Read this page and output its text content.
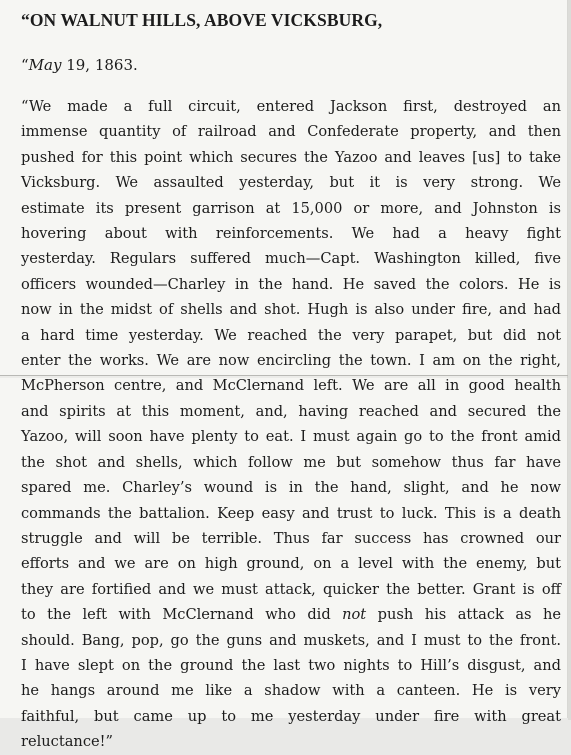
“ON WALNUT HILLS, ABOVE VICKSBURG,
“May 19, 1863.
“We made a full circuit, entered Jackson first, destroyed an
immense quantity of railroad and Confederate property, and then
pushed for this point which secures the Yazoo and leaves [us] to take
Vicksburg. We assaulted yesterday, but it is very strong. We
estimate its present garrison at 15,000 or more, and Johnston is
hovering about with reinforcements. We had a heavy fight
yesterday. Regulars suffered much—Capt. Washington killed, five
officers wounded—Charley in the hand. He saved the colors. He is
now in the midst of shells and shot. Hugh is also under fire, and had
a hard time yesterday. We reached the very parapet, but did not
enter the works. We are now encircling the town. I am on the right,
McPherson centre, and McClernand left. We are all in good health
and spirits at this moment, and, having reached and secured the
Yazoo, will soon have plenty to eat. I must again go to the front amid
the shot and shells, which follow me but somehow thus far have
spared me. Charley’s wound is in the hand, slight, and he now
commands the battalion. Keep easy and trust to luck. This is a death
struggle and will be terrible. Thus far success has crowned our
efforts and we are on high ground, on a level with the enemy, but
they are fortified and we must attack, quicker the better. Grant is off
to the left with McClernand who did not push his attack as he
should. Bang, pop, go the guns and muskets, and I must to the front.
I have slept on the ground the last two nights to Hill’s disgust, and
he hangs around me like a shadow with a canteen. He is very
faithful, but came up to me yesterday under fire with great
reluctance!”
